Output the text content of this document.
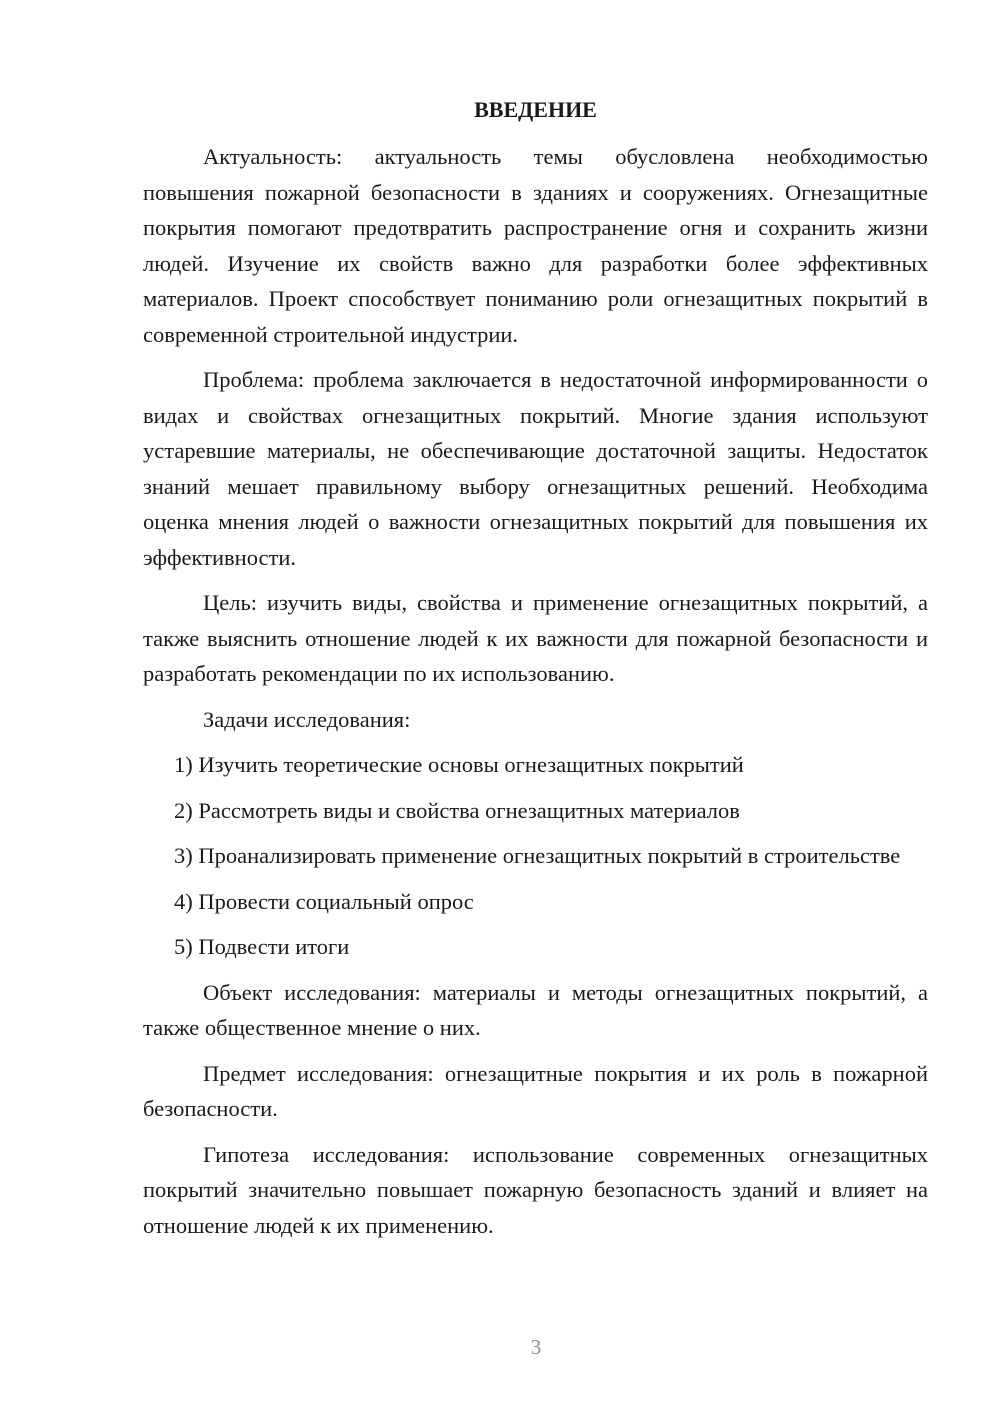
ВВЕДЕНИЕ

Актуальность: актуальность темы обусловлена необходимостью повышения пожарной безопасности в зданиях и сооружениях. Огнезащитные покрытия помогают предотвратить распространение огня и сохранить жизни людей. Изучение их свойств важно для разработки более эффективных материалов. Проект способствует пониманию роли огнезащитных покрытий в современной строительной индустрии.

Проблема: проблема заключается в недостаточной информированности о видах и свойствах огнезащитных покрытий. Многие здания используют устаревшие материалы, не обеспечивающие достаточной защиты. Недостаток знаний мешает правильному выбору огнезащитных решений. Необходима оценка мнения людей о важности огнезащитных покрытий для повышения их эффективности.

Цель: изучить виды, свойства и применение огнезащитных покрытий, а также выяснить отношение людей к их важности для пожарной безопасности и разработать рекомендации по их использованию.

Задачи исследования:

1) Изучить теоретические основы огнезащитных покрытий

2) Рассмотреть виды и свойства огнезащитных материалов

3) Проанализировать применение огнезащитных покрытий в строительстве

4) Провести социальный опрос

5) Подвести итоги

Объект исследования: материалы и методы огнезащитных покрытий, а также общественное мнение о них.

Предмет исследования: огнезащитные покрытия и их роль в пожарной безопасности.

Гипотеза исследования: использование современных огнезащитных покрытий значительно повышает пожарную безопасность зданий и влияет на отношение людей к их применению.

3
